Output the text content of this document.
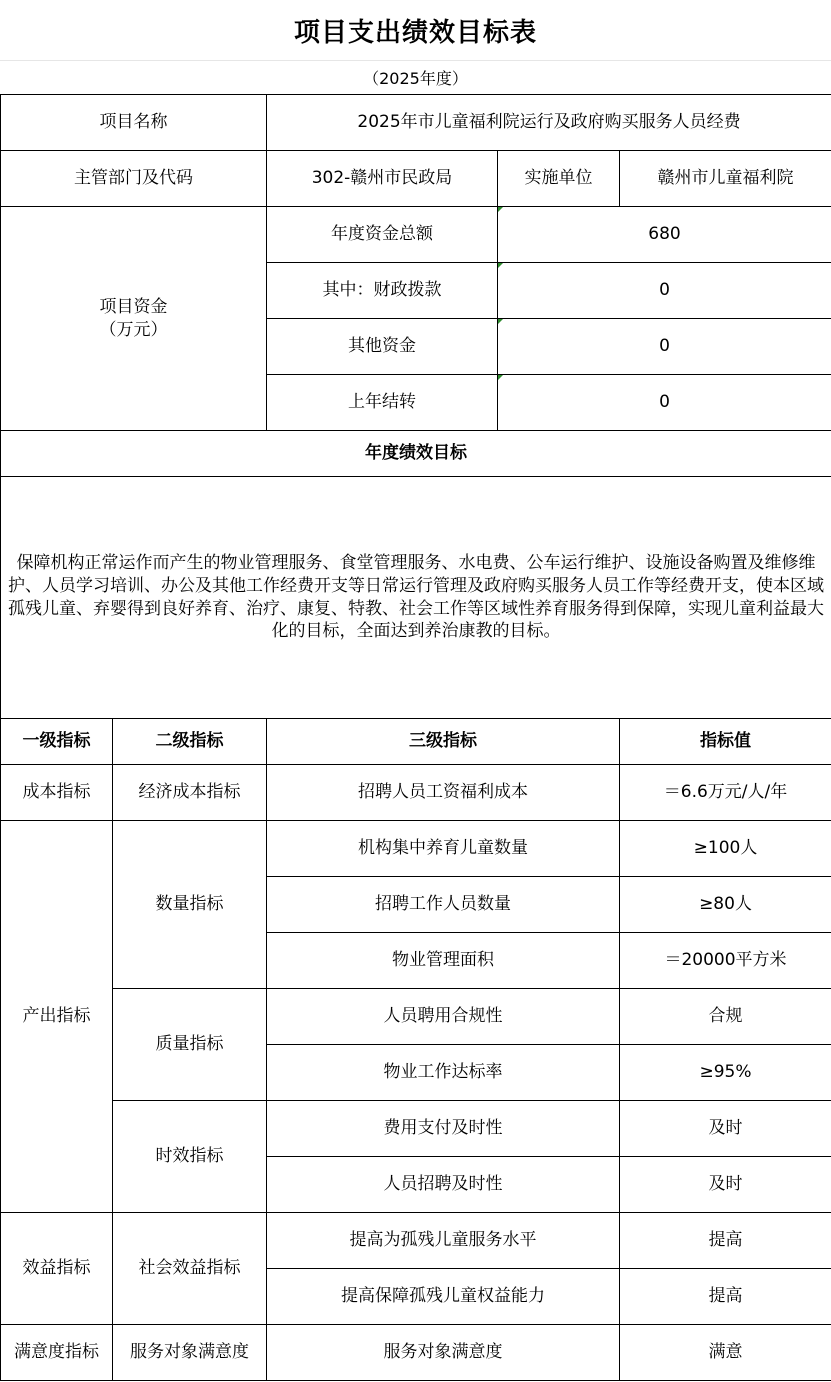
项目支出绩效目标表
（2025年度）
项目名称		2025年市儿童福利院运行及政府购买服务人员经费		
主管部门及代码		302-赣州市民政局	实施单位	赣州市儿童福利院
项目资金
（万元）		年度资金总额	680	
		其中：财政拨款	0	
		其他资金	0	
		上年结转	0	
年度绩效目标				
保障机构正常运作而产生的物业管理服务、食堂管理服务、水电费、公车运行维护、设施设备购置及维修维护、人员学习培训、办公及其他工作经费开支等日常运行管理及政府购买服务人员工作等经费开支，使本区域孤残儿童、弃婴得到良好养育、治疗、康复、特教、社会工作等区域性养育服务得到保障，实现儿童利益最大化的目标，全面达到养治康教的目标。				
一级指标	二级指标	三级指标		指标值
成本指标	经济成本指标	招聘人员工资福利成本		＝6.6万元/人/年
产出指标	数量指标	机构集中养育儿童数量		≥100人
		招聘工作人员数量		≥80人
		物业管理面积		＝20000平方米
	质量指标	人员聘用合规性		合规
		物业工作达标率		≥95%
	时效指标	费用支付及时性		及时
		人员招聘及时性		及时
效益指标	社会效益指标	提高为孤残儿童服务水平		提高
		提高保障孤残儿童权益能力		提高
满意度指标	服务对象满意度	服务对象满意度		满意
